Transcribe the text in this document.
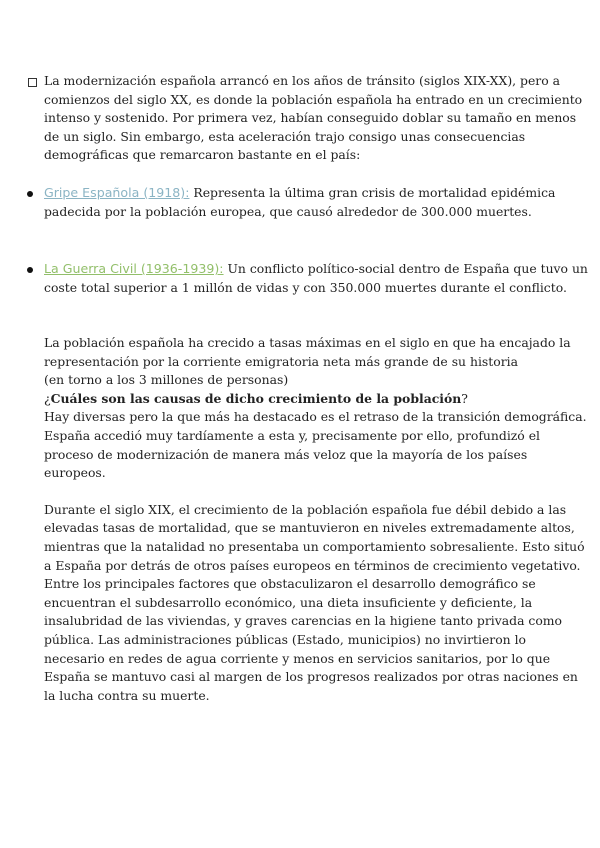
La modernización española arrancó en los años de tránsito (siglos XIX-XX), pero a comienzos del siglo XX, es donde la población española ha entrado en un crecimiento intenso y sostenido. Por primera vez, habían conseguido doblar su tamaño en menos de un siglo. Sin embargo, esta aceleración trajo consigo unas consecuencias demográficas que remarcaron bastante en el país:

Gripe Española (1918): Representa la última gran crisis de mortalidad epidémica padecida por la población europea, que causó alrededor de 300.000 muertes.

La Guerra Civil (1936-1939): Un conflicto político-social dentro de España que tuvo un coste total superior a 1 millón de vidas y con 350.000 muertes durante el conflicto.

La población española ha crecido a tasas máximas en el siglo en que ha encajado la representación por la corriente emigratoria neta más grande de su historia

(en torno a los 3 millones de personas)

¿Cuáles son las causas de dicho crecimiento de la población?

Hay diversas pero la que más ha destacado es el retraso de la transición demográfica. España accedió muy tardíamente a esta y, precisamente por ello, profundizó el proceso de modernización de manera más veloz que la mayoría de los países europeos.

Durante el siglo XIX, el crecimiento de la población española fue débil debido a las elevadas tasas de mortalidad, que se mantuvieron en niveles extremadamente altos, mientras que la natalidad no presentaba un comportamiento sobresaliente. Esto situó a España por detrás de otros países europeos en términos de crecimiento vegetativo. Entre los principales factores que obstaculizaron el desarrollo demográfico se encuentran el subdesarrollo económico, una dieta insuficiente y deficiente, la insalubridad de las viviendas, y graves carencias en la higiene tanto privada como pública. Las administraciones públicas (Estado, municipios) no invirtieron lo necesario en redes de agua corriente y menos en servicios sanitarios, por lo que España se mantuvo casi al margen de los progresos realizados por otras naciones en la lucha contra su muerte.
